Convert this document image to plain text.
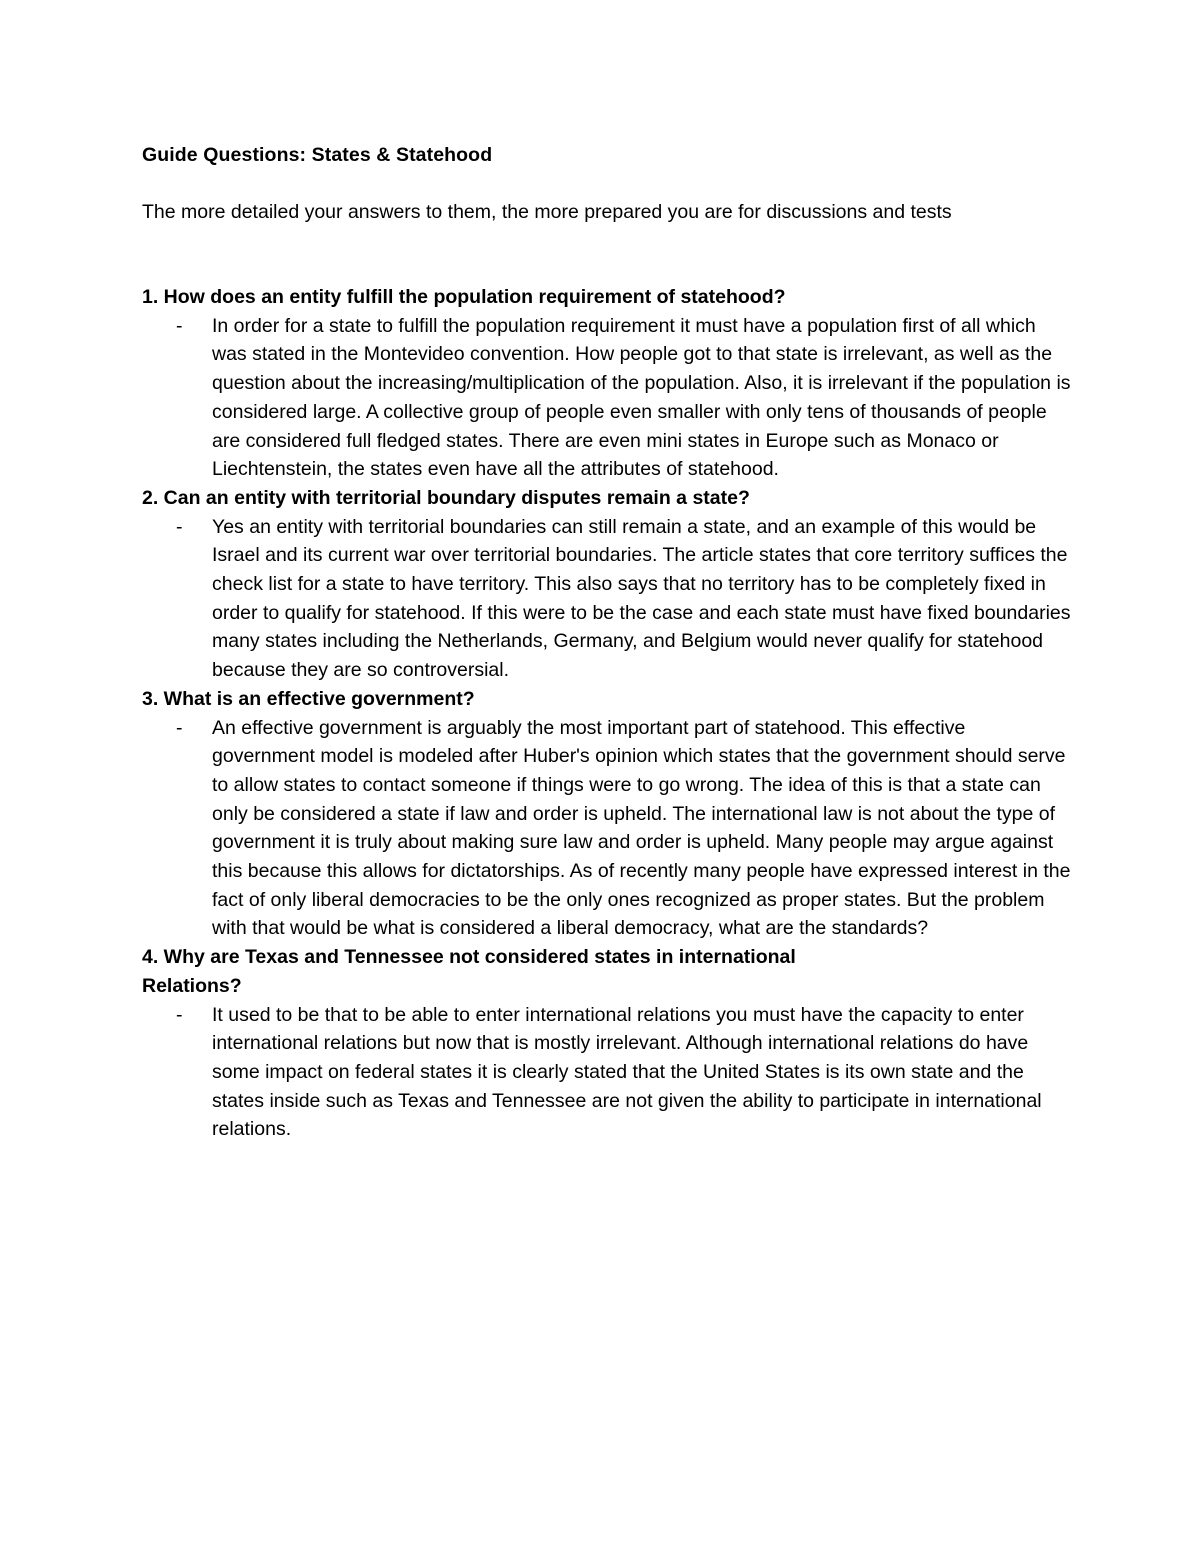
Guide Questions: States & Statehood
The more detailed your answers to them, the more prepared you are for discussions and tests

1. How does an entity fulfill the population requirement of statehood?

- In order for a state to fulfill the population requirement it must have a population first of all which was stated in the Montevideo convention. How people got to that state is irrelevant, as well as the question about the increasing/multiplication of the population. Also, it is irrelevant if the population is considered large. A collective group of people even smaller with only tens of thousands of people are considered full fledged states. There are even mini states in Europe such as Monaco or Liechtenstein, the states even have all the attributes of statehood.

2. Can an entity with territorial boundary disputes remain a state?

- Yes an entity with territorial boundaries can still remain a state, and an example of this would be Israel and its current war over territorial boundaries. The article states that core territory suffices the check list for a state to have territory. This also says that no territory has to be completely fixed in order to qualify for statehood. If this were to be the case and each state must have fixed boundaries many states including the Netherlands, Germany, and Belgium would never qualify for statehood because they are so controversial.

3. What is an effective government?

- An effective government is arguably the most important part of statehood. This effective government model is modeled after Huber's opinion which states that the government should serve to allow states to contact someone if things were to go wrong. The idea of this is that a state can only be considered a state if law and order is upheld. The international law is not about the type of government it is truly about making sure law and order is upheld. Many people may argue against this because this allows for dictatorships. As of recently many people have expressed interest in the fact of only liberal democracies to be the only ones recognized as proper states. But the problem with that would be what is considered a liberal democracy, what are the standards?

4. Why are Texas and Tennessee not considered states in international Relations?

- It used to be that to be able to enter international relations you must have the capacity to enter international relations but now that is mostly irrelevant. Although international relations do have some impact on federal states it is clearly stated that the United States is its own state and the states inside such as Texas and Tennessee are not given the ability to participate in international relations.
